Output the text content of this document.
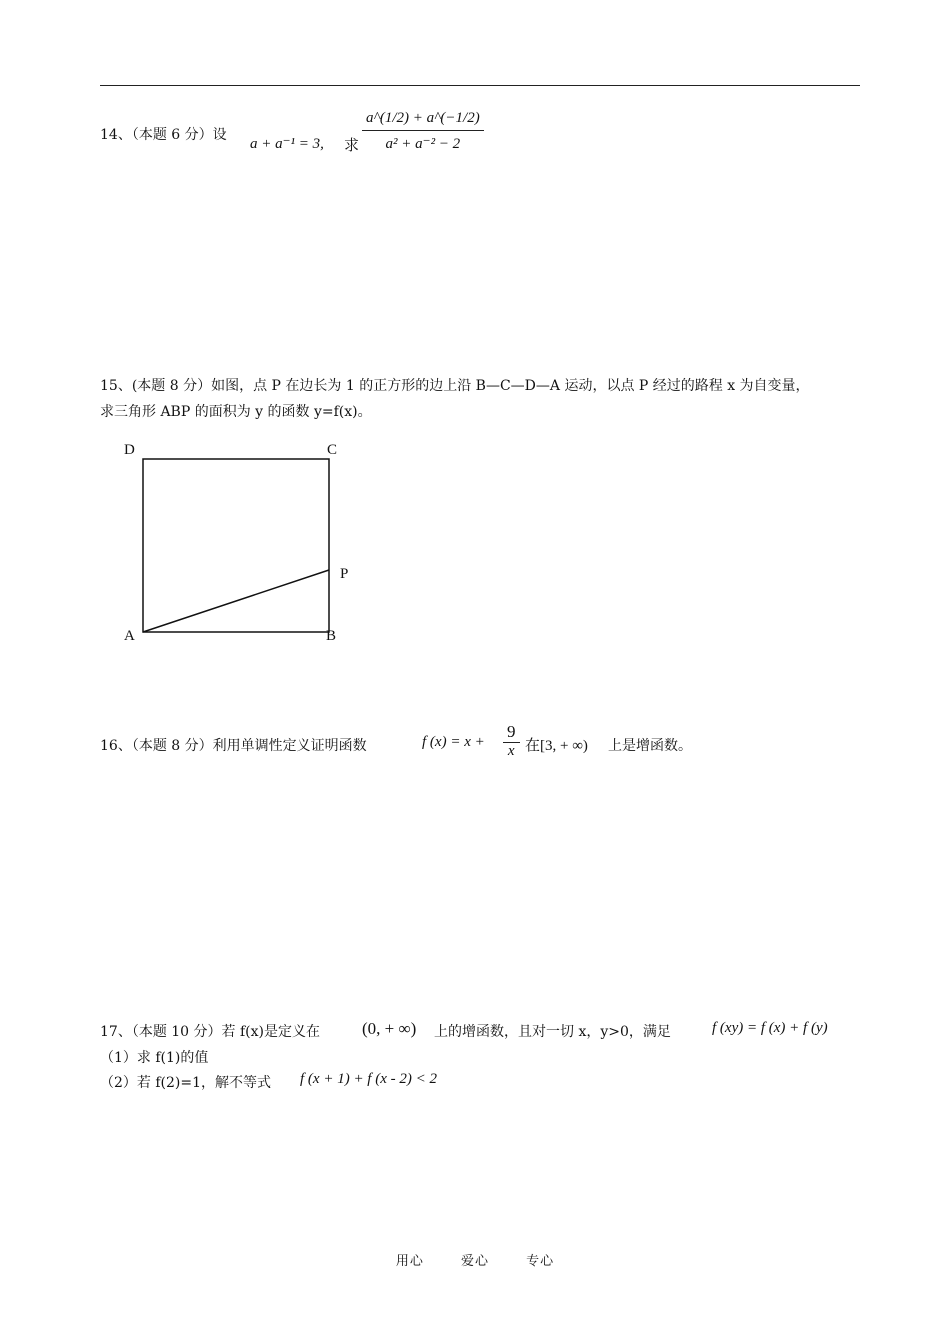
14、（本题 6 分）设
a + a⁻¹ = 3, 求 $\frac{a\^{}(1/2) + a\^{}(-1/2)}{\text{a² + a⁻² − 2}}$
15、(本题 8 分）如图，点 P 在边长为 1 的正方形的边上沿 B—C—D—A 运动，以点 P 经过的路程 x 为自变量，
求三角形 ABP 的面积为 y 的函数 y=f(x)。
D	C
P
A	B
16、（本题 8 分）利用单调性定义证明函数	f $(x) = x + \frac{9}{x}$ 在[3, + ∞) 上是增函数。
17、（本题 10 分）若 f(x)是定义在 (0, + ∞) 上的增函数，且对一切 x，y>0，满足	f (xy) = f (x) + f (y)
（1）求 f(1)的值
（2）若 f(2)=1，解不等式 f (x + 1) + f (x - 2) < 2
用心	爱心	专心
